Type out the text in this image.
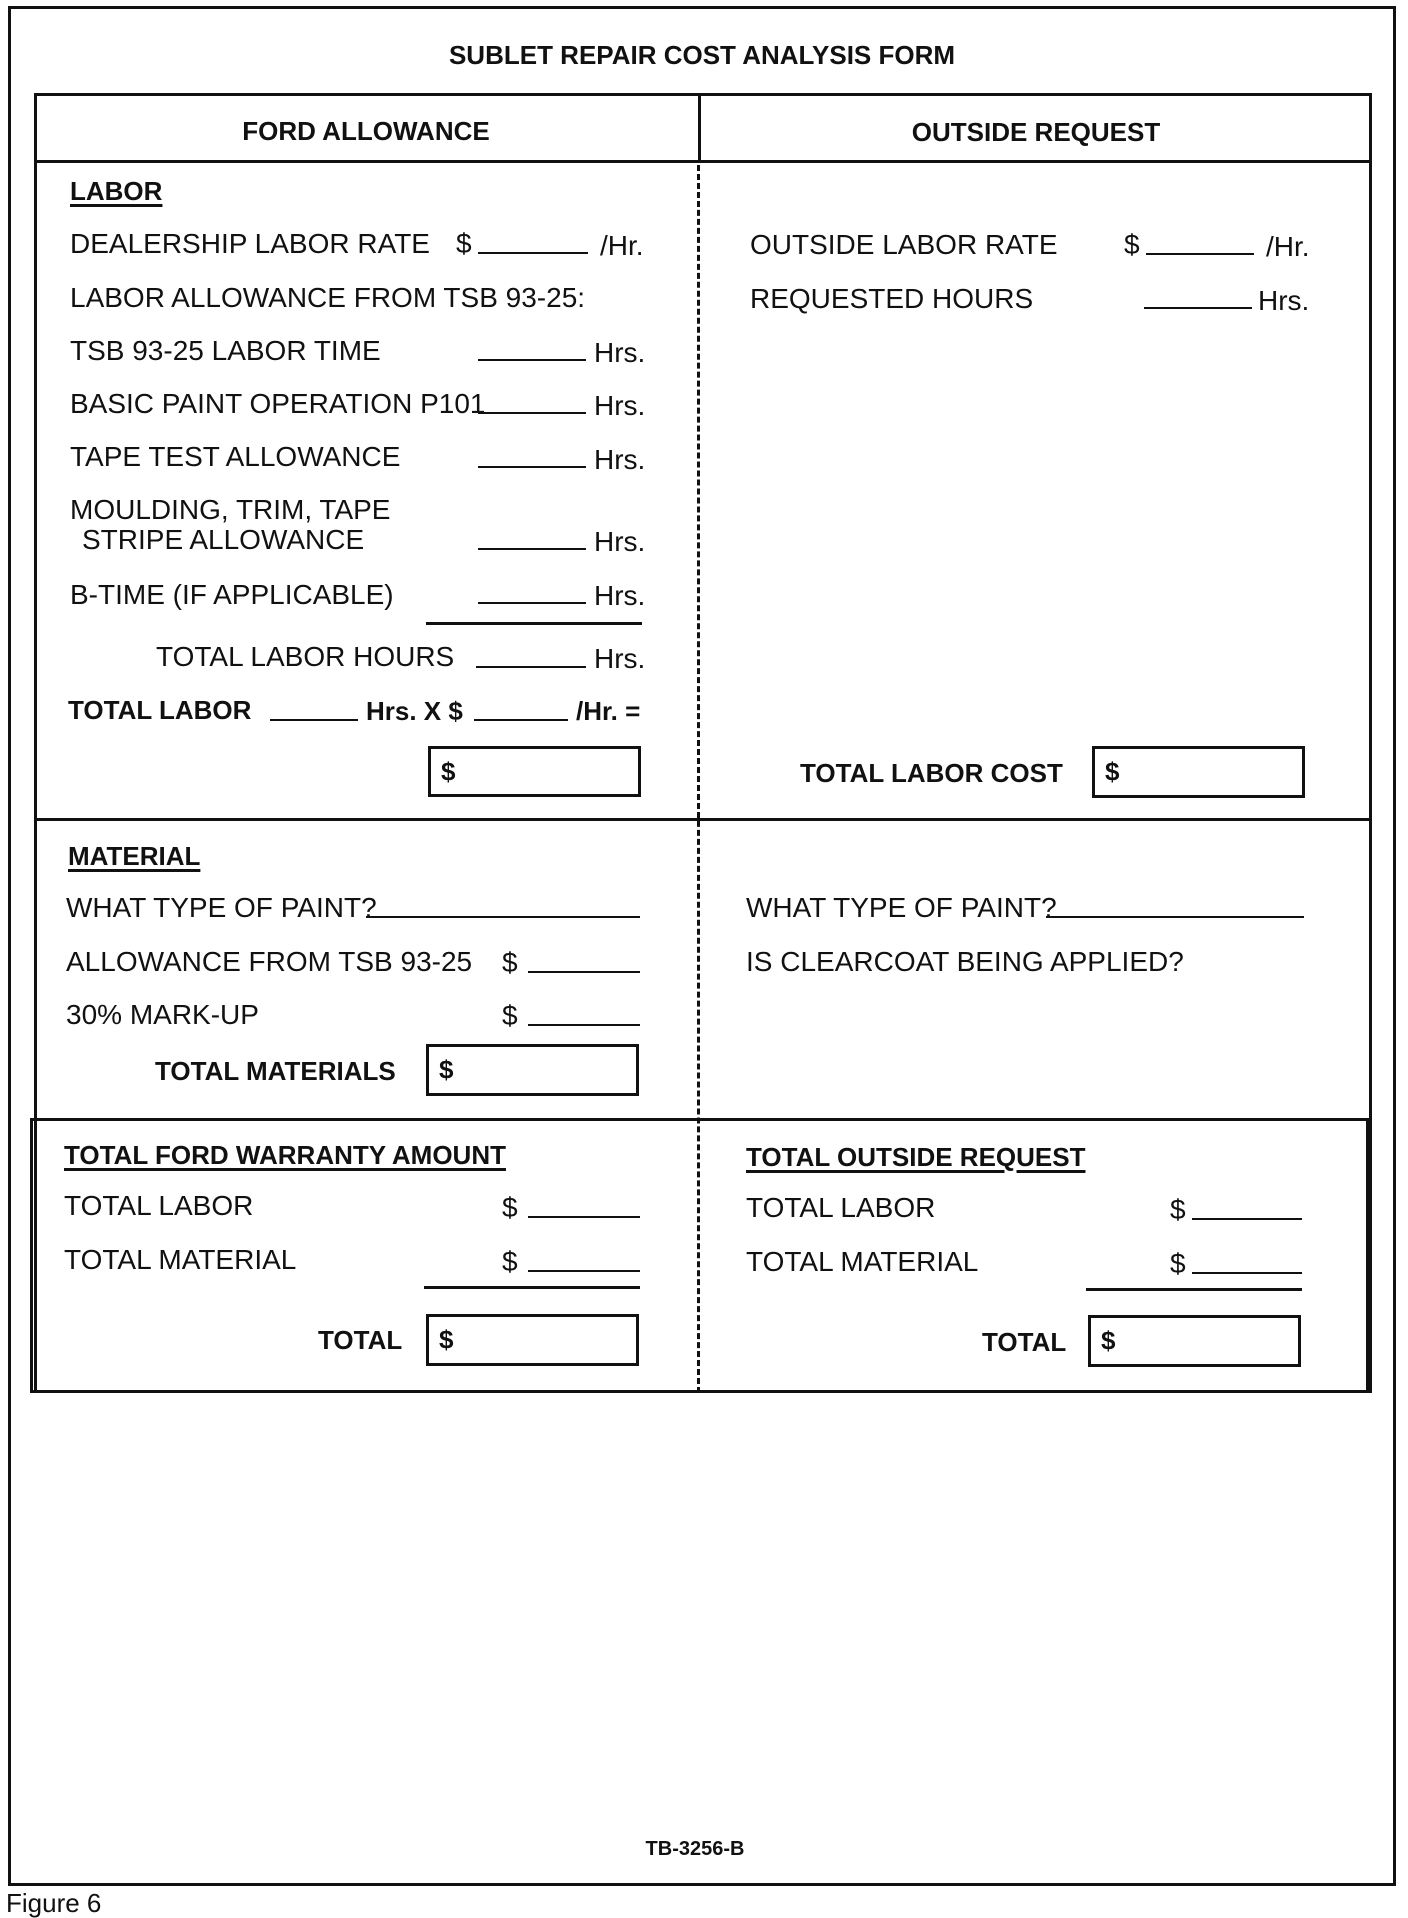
SUBLET REPAIR COST ANALYSIS FORM
FORD ALLOWANCE	OUTSIDE REQUEST
LABOR
DEALERSHIP LABOR RATE $	/Hr.
LABOR ALLOWANCE FROM TSB 93-25:
TSB 93-25 LABOR TIME	Hrs.
BASIC PAINT OPERATION P101	Hrs.
TAPE TEST ALLOWANCE	Hrs.
MOULDING, TRIM, TAPE
STRIPE ALLOWANCE	Hrs.
B-TIME (IF APPLICABLE)	Hrs.
TOTAL LABOR HOURS	Hrs.
TOTAL LABOR	Hrs. X $	/Hr. =
$
OUTSIDE LABOR RATE $	/Hr.
REQUESTED HOURS	Hrs.
TOTAL LABOR COST $
MATERIAL
WHAT TYPE OF PAINT?
ALLOWANCE FROM TSB 93-25 $
30% MARK-UP	$
TOTAL MATERIALS $
WHAT TYPE OF PAINT?
IS CLEARCOAT BEING APPLIED?
TOTAL FORD WARRANTY AMOUNT
TOTAL LABOR	$
TOTAL MATERIAL	$
TOTAL $
TOTAL OUTSIDE REQUEST
TOTAL LABOR	$
TOTAL MATERIAL	$
TOTAL $
TB-3256-B
Figure 6
